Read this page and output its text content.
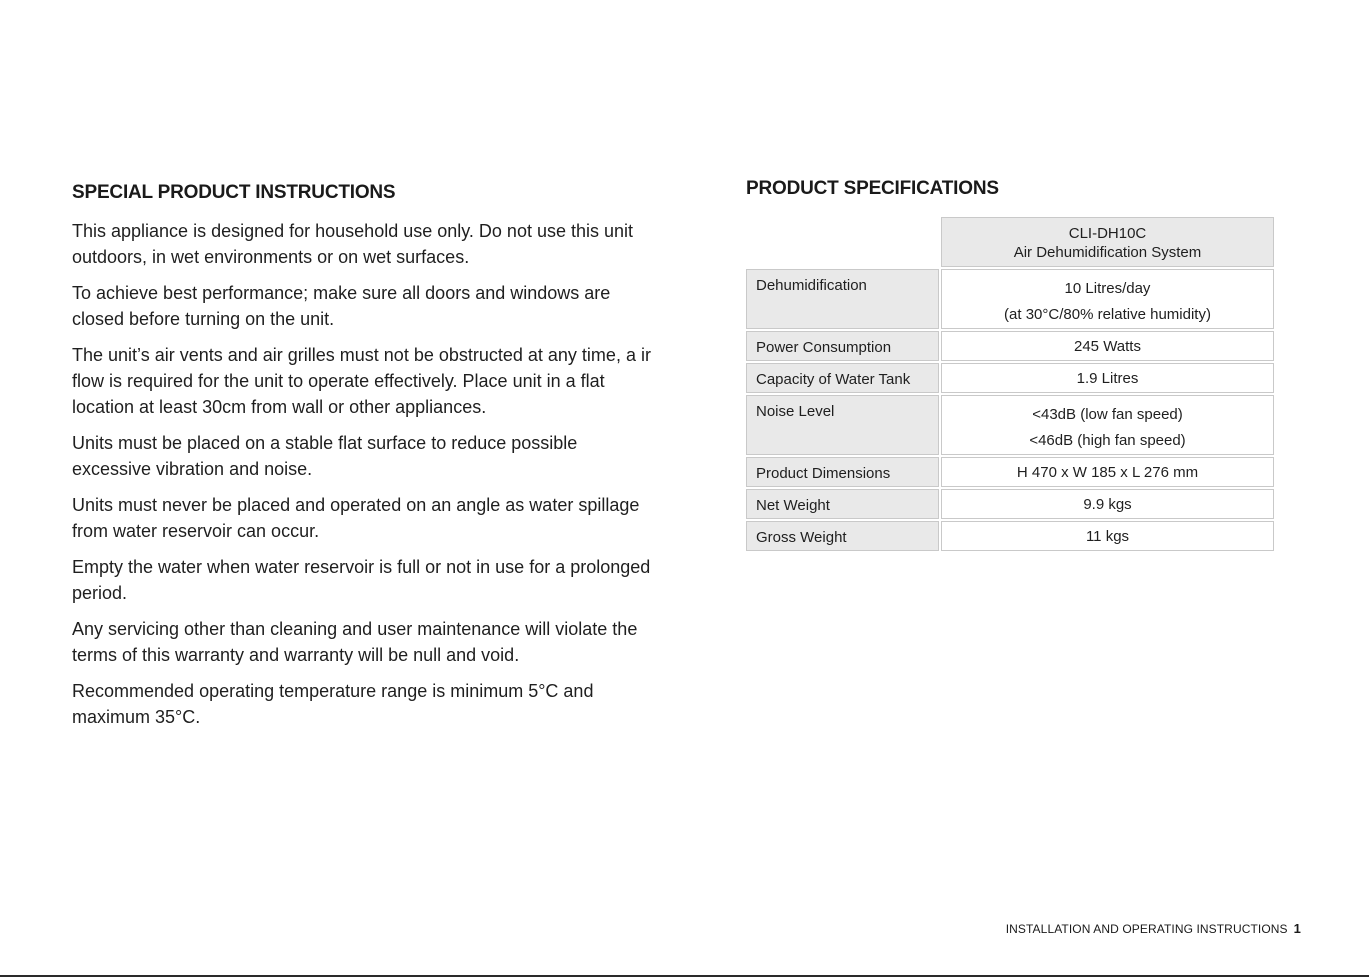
SPECIAL PRODUCT INSTRUCTIONS

This appliance is designed for household use only. Do not use this unit outdoors, in wet environments or on wet surfaces.

To achieve best performance; make sure all doors and windows are closed before turning on the unit.

The unit’s air vents and air grilles must not be obstructed at any time, a ir flow is required for the unit to operate effectively. Place unit in a flat location at least 30cm from wall or other appliances.

Units must be placed on a stable flat surface to reduce possible excessive vibration and noise.

Units must never be placed and operated on an angle as water spillage from water reservoir can occur.

Empty the water when water reservoir is full or not in use for a prolonged period.

Any servicing other than cleaning and user maintenance will violate the terms of this warranty and warranty will be null and void.

Recommended operating temperature range is minimum 5°C and maximum 35°C.

PRODUCT SPECIFICATIONS

	CLI-DH10C
Air Dehumidification System

Dehumidification	10 Litres/day
(at 30°C/80% relative humidity)

Power Consumption	245 Watts
Capacity of Water Tank	1.9 Litres
Noise Level	<43dB (low fan speed)
<46dB (high fan speed)

Product Dimensions	H 470 x W 185 x L 276 mm
Net Weight	9.9 kgs
Gross Weight	11 kgs
INSTALLATION AND OPERATING INSTRUCTIONS 1
